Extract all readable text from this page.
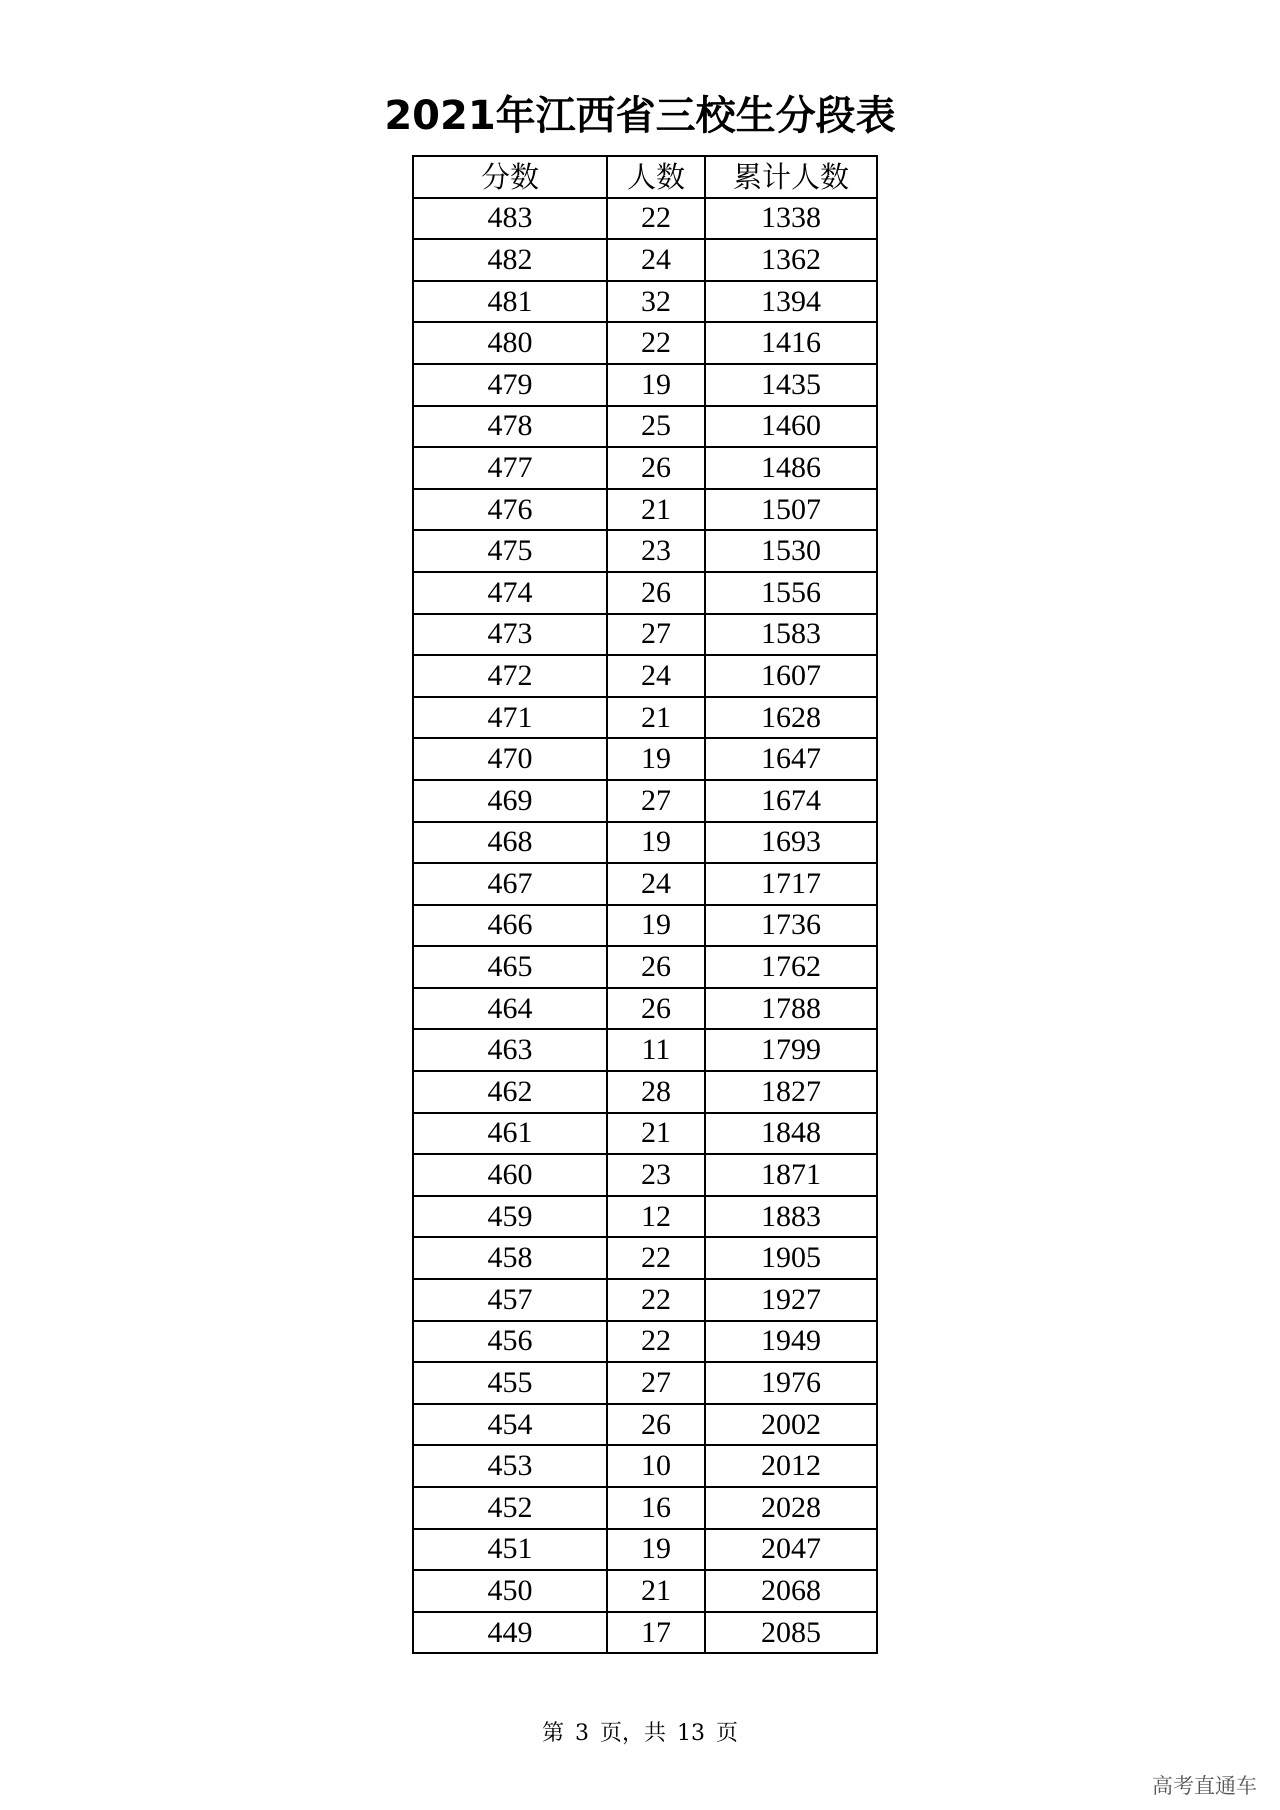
2021年江西省三校生分段表
分数	人数	累计人数
483	22	1338
482	24	1362
481	32	1394
480	22	1416
479	19	1435
478	25	1460
477	26	1486
476	21	1507
475	23	1530
474	26	1556
473	27	1583
472	24	1607
471	21	1628
470	19	1647
469	27	1674
468	19	1693
467	24	1717
466	19	1736
465	26	1762
464	26	1788
463	11	1799
462	28	1827
461	21	1848
460	23	1871
459	12	1883
458	22	1905
457	22	1927
456	22	1949
455	27	1976
454	26	2002
453	10	2012
452	16	2028
451	19	2047
450	21	2068
449	17	2085
第 3 页，共 13 页
高考直通车
